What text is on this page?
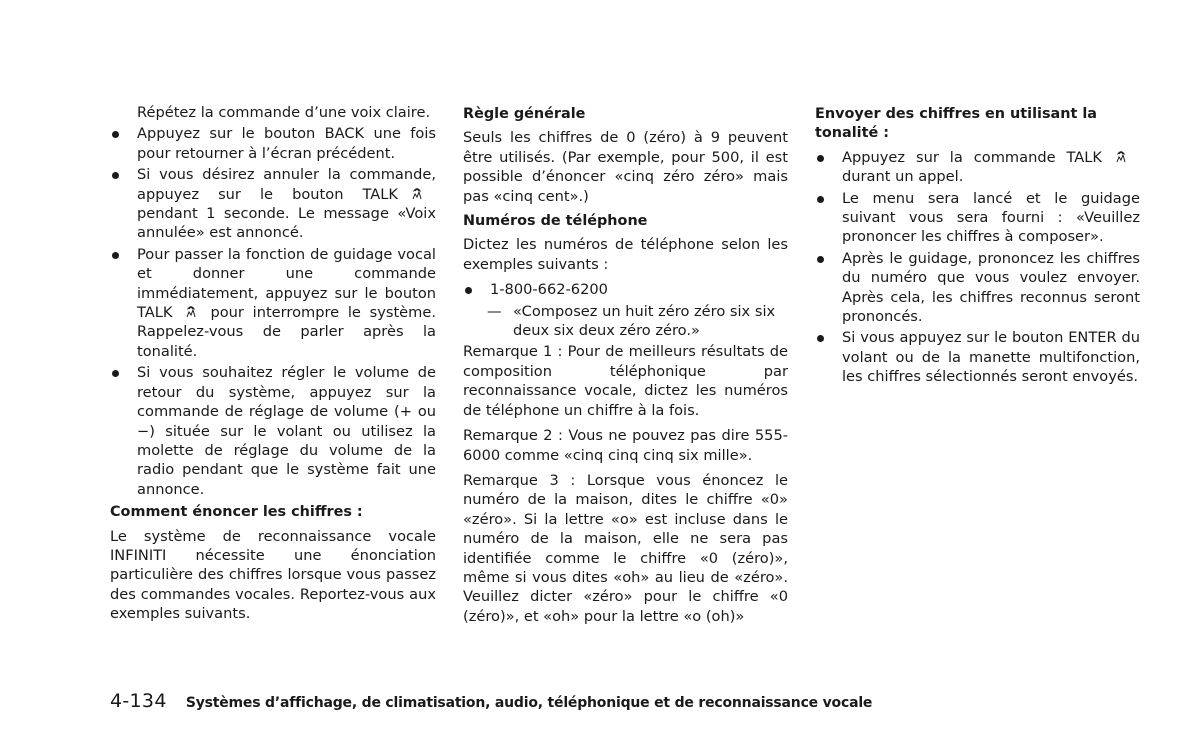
Répétez la commande d’une voix claire.

Appuyez sur le bouton BACK une fois pour retourner à l’écran précédent.
Si vous désirez annuler la commande, appuyez sur le bouton TALK
pendant 1 seconde. Le message «Voix annulée» est annoncé.
Pour passer la fonction de guidage vocal et donner une commande immédiatement, appuyez sur le bouton TALK	pour interrompre le système. Rappelez-vous de parler après la tonalité.
Si vous souhaitez régler le volume de retour du système, appuyez sur la commande de réglage de volume (+ ou −) située sur le volant ou utilisez la molette de réglage du volume de la radio pendant que le système fait une annonce.
Comment énoncer les chiffres :

Le système de reconnaissance vocale INFINITI nécessite une énonciation particulière des chiffres lorsque vous passez des commandes vocales. Reportez-vous aux exemples suivants.

Règle générale

Seuls les chiffres de 0 (zéro) à 9 peuvent être utilisés. (Par exemple, pour 500, il est possible d’énoncer «cinq zéro zéro» mais pas «cinq cent».)

Numéros de téléphone

Dictez les numéros de téléphone selon les exemples suivants :

1-800-662-6200
— «Composez un huit zéro zéro six six deux six deux zéro zéro.»

Remarque 1 : Pour de meilleurs résultats de composition téléphonique par reconnaissance vocale, dictez les numéros de téléphone un chiffre à la fois.

Remarque 2 : Vous ne pouvez pas dire 555-6000 comme «cinq cinq cinq six mille».

Remarque 3 : Lorsque vous énoncez le numéro de la maison, dites le chiffre «0» «zéro». Si la lettre «o» est incluse dans le numéro de la maison, elle ne sera pas identifiée comme le chiffre «0 (zéro)», même si vous dites «oh» au lieu de «zéro». Veuillez dicter «zéro» pour le chiffre «0 (zéro)», et «oh» pour la lettre «o (oh)»

Envoyer des chiffres en utilisant la tonalité :
Appuyez sur la commande TALK
durant un appel.
Le menu sera lancé et le guidage suivant vous sera fourni : «Veuillez prononcer les chiffres à composer».
Après le guidage, prononcez les chiffres du numéro que vous voulez envoyer. Après cela, les chiffres reconnus seront prononcés.
Si vous appuyez sur le bouton ENTER du volant ou de la manette multifonction, les chiffres sélectionnés seront envoyés.
4-134 Systèmes d’affichage, de climatisation, audio, téléphonique et de reconnaissance vocale
